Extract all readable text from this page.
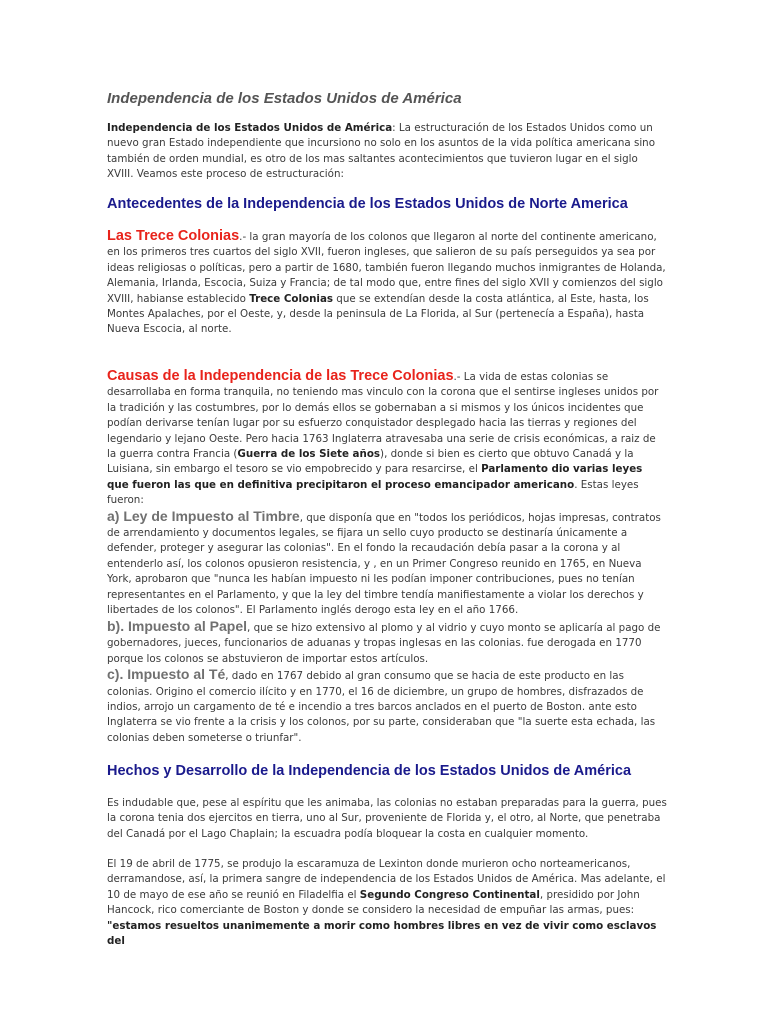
Independencia de los Estados Unidos de América
Independencia de los Estados Unidos de América: La estructuración de los Estados Unidos como un nuevo gran Estado independiente que incursiono no solo en los asuntos de la vida política americana sino también de orden mundial, es otro de los mas saltantes acontecimientos que tuvieron lugar en el siglo XVIII. Veamos este proceso de estructuración:
Antecedentes de la Independencia de los Estados Unidos de Norte America
Las Trece Colonias.- la gran mayoría de los colonos que llegaron al norte del continente americano, en los primeros tres cuartos del siglo XVII, fueron ingleses, que salieron de su país perseguidos ya sea por ideas religiosas o políticas, pero a partir de 1680, también fueron llegando muchos inmigrantes de Holanda, Alemania, Irlanda, Escocia, Suiza y Francia; de tal modo que, entre fines del siglo XVII y comienzos del siglo XVIII, habianse establecido Trece Colonias que se extendían desde la costa atlántica, al Este, hasta, los Montes Apalaches, por el Oeste, y, desde la peninsula de La Florida, al Sur (pertenecía a España), hasta Nueva Escocia, al norte.
Causas de la Independencia de las Trece Colonias.- La vida de estas colonias se desarrollaba en forma tranquila, no teniendo mas vinculo con la corona que el sentirse ingleses unidos por la tradición y las costumbres, por lo demás ellos se gobernaban a si mismos y los únicos incidentes que podían derivarse tenían lugar por su esfuerzo conquistador desplegado hacia las tierras y regiones del legendario y lejano Oeste. Pero hacia 1763 Inglaterra atravesaba una serie de crisis económicas, a raiz de la guerra contra Francia (Guerra de los Siete años), donde si bien es cierto que obtuvo Canadá y la Luisiana, sin embargo el tesoro se vio empobrecido y para resarcirse, el Parlamento dio varias leyes que fueron las que en definitiva precipitaron el proceso emancipador americano. Estas leyes fueron:
a) Ley de Impuesto al Timbre, que disponía que en "todos los periódicos, hojas impresas, contratos de arrendamiento y documentos legales, se fijara un sello cuyo producto se destinaría únicamente a defender, proteger y asegurar las colonias". En el fondo la recaudación debía pasar a la corona y al entenderlo así, los colonos opusieron resistencia, y , en un Primer Congreso reunido en 1765, en Nueva York, aprobaron que "nunca les habían impuesto ni les podían imponer contribuciones, pues no tenían representantes en el Parlamento, y que la ley del timbre tendía manifiestamente a violar los derechos y libertades de los colonos". El Parlamento inglés derogo esta ley en el año 1766.
b). Impuesto al Papel, que se hizo extensivo al plomo y al vidrio y cuyo monto se aplicaría al pago de gobernadores, jueces, funcionarios de aduanas y tropas inglesas en las colonias. fue derogada en 1770 porque los colonos se abstuvieron de importar estos artículos.
c). Impuesto al Té, dado en 1767 debido al gran consumo que se hacia de este producto en las colonias. Origino el comercio ilícito y en 1770, el 16 de diciembre, un grupo de hombres, disfrazados de indios, arrojo un cargamento de té e incendio a tres barcos anclados en el puerto de Boston. ante esto Inglaterra se vio frente a la crisis y los colonos, por su parte, consideraban que "la suerte esta echada, las colonias deben someterse o triunfar".
Hechos y Desarrollo de la Independencia de los Estados Unidos de América
Es indudable que, pese al espíritu que les animaba, las colonias no estaban preparadas para la guerra, pues la corona tenia dos ejercitos en tierra, uno al Sur, proveniente de Florida y, el otro, al Norte, que penetraba del Canadá por el Lago Chaplain; la escuadra podía bloquear la costa en cualquier momento.
El 19 de abril de 1775, se produjo la escaramuza de Lexinton donde murieron ocho norteamericanos, derramandose, así, la primera sangre de independencia de los Estados Unidos de América. Mas adelante, el 10 de mayo de ese año se reunió en Filadelfia el Segundo Congreso Continental, presidido por John Hancock, rico comerciante de Boston y donde se considero la necesidad de empuñar las armas, pues: "estamos resueltos unanimemente a morir como hombres libres en vez de vivir como esclavos del
